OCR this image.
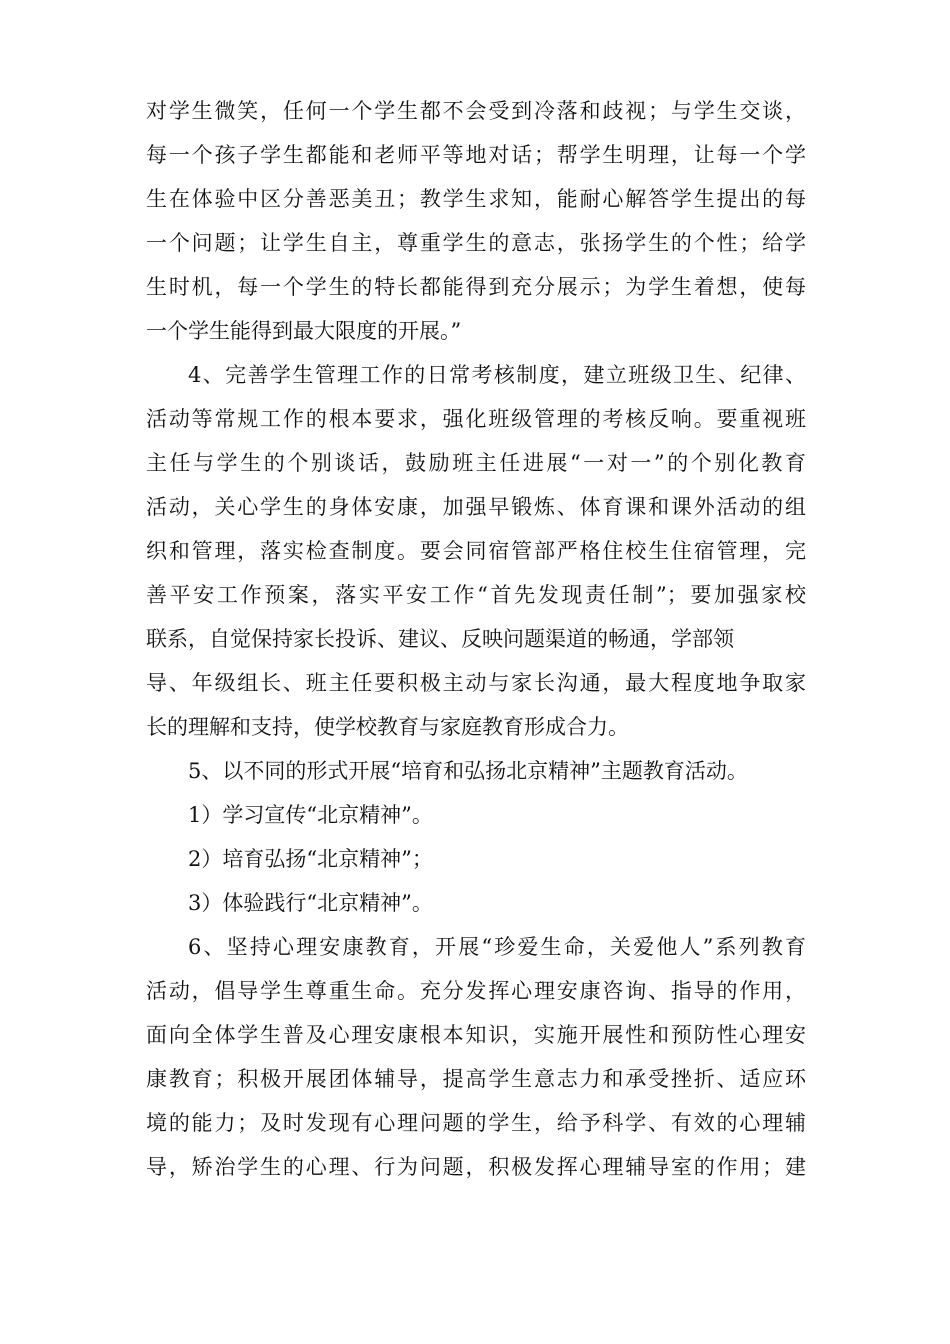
对学生微笑，任何一个学生都不会受到冷落和歧视；与学生交谈，
每一个孩子学生都能和老师平等地对话；帮学生明理，让每一个学
生在体验中区分善恶美丑；教学生求知，能耐心解答学生提出的每
一个问题；让学生自主，尊重学生的意志，张扬学生的个性；给学
生时机，每一个学生的特长都能得到充分展示；为学生着想，使每
一个学生能得到最大限度的开展。”
4、完善学生管理工作的日常考核制度，建立班级卫生、纪律、
活动等常规工作的根本要求，强化班级管理的考核反响。要重视班
主任与学生的个别谈话，鼓励班主任进展“一对一”的个别化教育
活动，关心学生的身体安康，加强早锻炼、体育课和课外活动的组
织和管理，落实检查制度。要会同宿管部严格住校生住宿管理，完
善平安工作预案，落实平安工作“首先发现责任制”；要加强家校
联系，自觉保持家长投诉、建议、反映问题渠道的畅通，学部领
导、年级组长、班主任要积极主动与家长沟通，最大程度地争取家
长的理解和支持，使学校教育与家庭教育形成合力。
5、以不同的形式开展“培育和弘扬北京精神”主题教育活动。
1）学习宣传“北京精神”。
2）培育弘扬“北京精神”；
3）体验践行“北京精神”。
6、坚持心理安康教育，开展“珍爱生命，关爱他人”系列教育
活动，倡导学生尊重生命。充分发挥心理安康咨询、指导的作用，
面向全体学生普及心理安康根本知识，实施开展性和预防性心理安
康教育；积极开展团体辅导，提高学生意志力和承受挫折、适应环
境的能力；及时发现有心理问题的学生，给予科学、有效的心理辅
导，矫治学生的心理、行为问题，积极发挥心理辅导室的作用；建
